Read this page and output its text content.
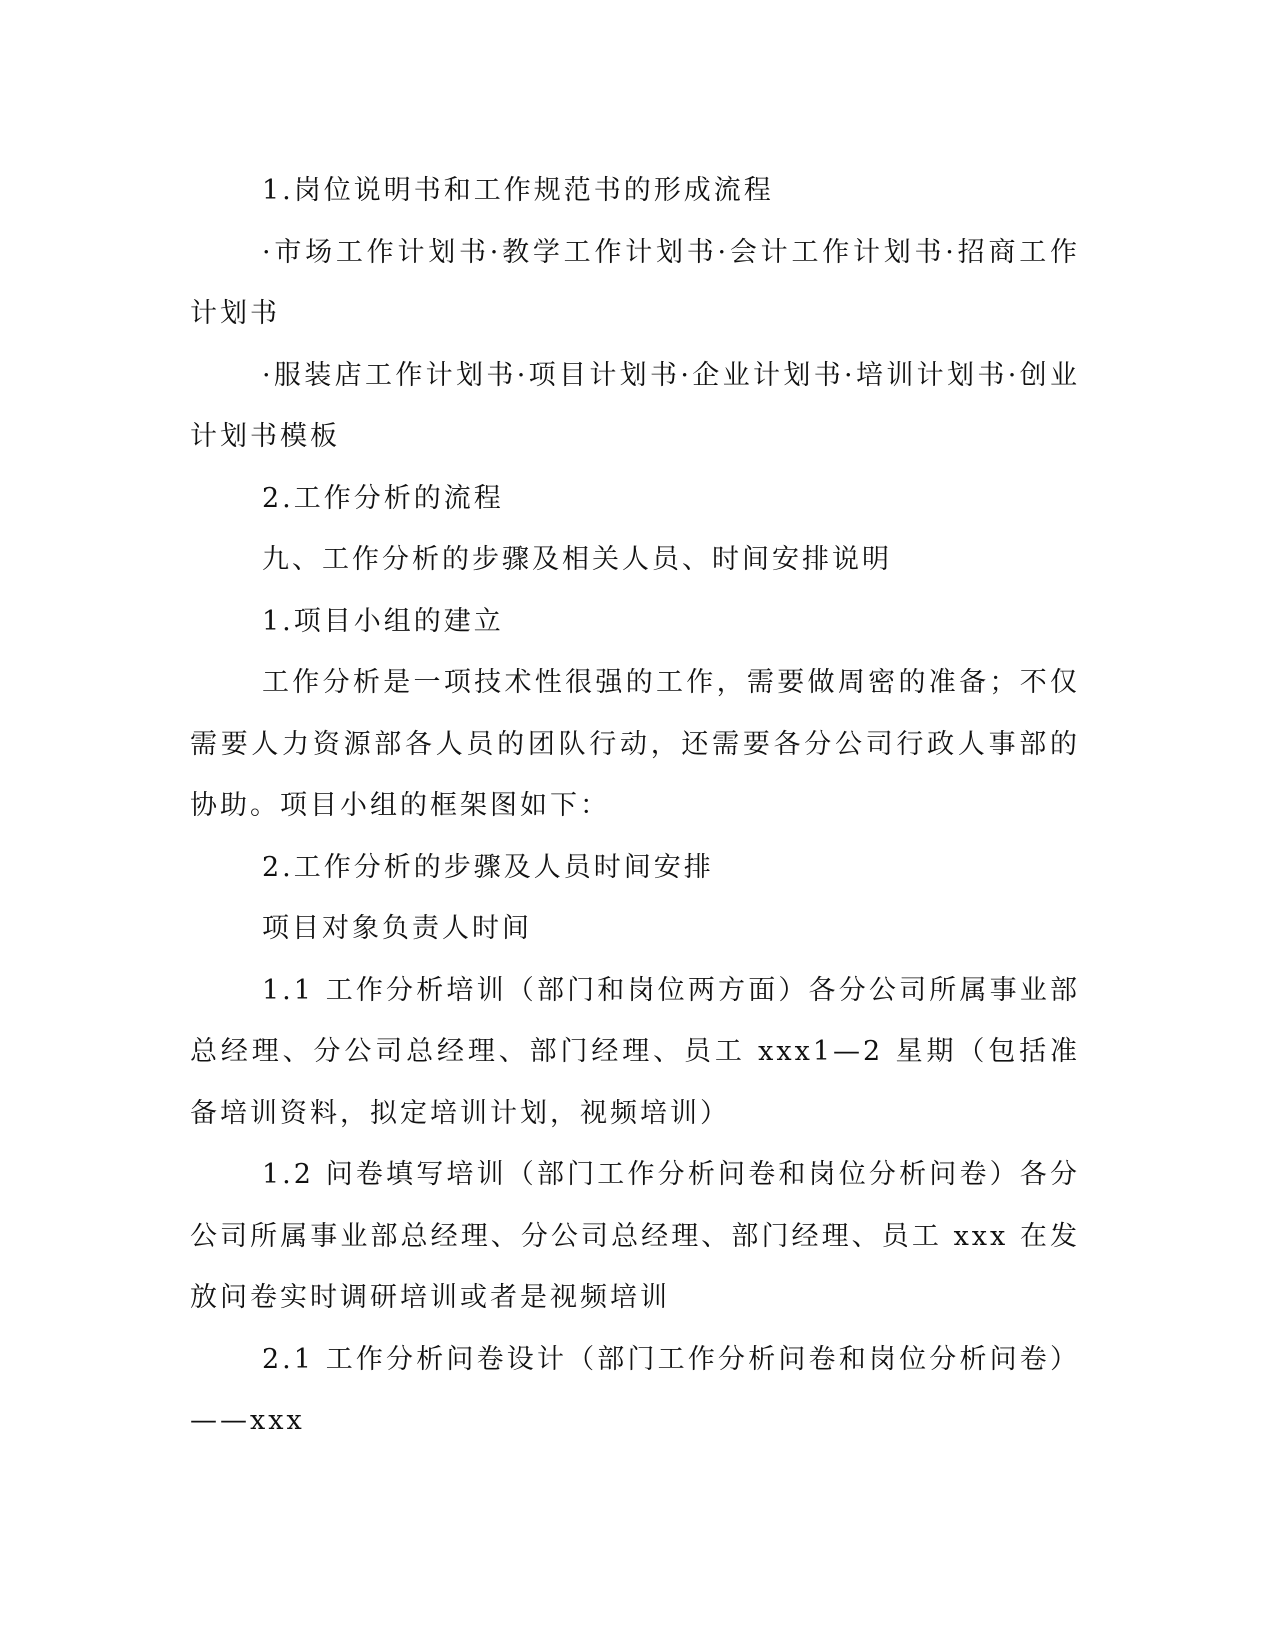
1.岗位说明书和工作规范书的形成流程

·市场工作计划书·教学工作计划书·会计工作计划书·招商工作计划书

·服装店工作计划书·项目计划书·企业计划书·培训计划书·创业计划书模板

2.工作分析的流程

九、工作分析的步骤及相关人员、时间安排说明

1.项目小组的建立

工作分析是一项技术性很强的工作，需要做周密的准备；不仅需要人力资源部各人员的团队行动，还需要各分公司行政人事部的协助。项目小组的框架图如下：

2.工作分析的步骤及人员时间安排

项目对象负责人时间

1.1 工作分析培训（部门和岗位两方面）各分公司所属事业部总经理、分公司总经理、部门经理、员工 xxx1—2 星期（包括准备培训资料，拟定培训计划，视频培训）

1.2 问卷填写培训（部门工作分析问卷和岗位分析问卷）各分公司所属事业部总经理、分公司总经理、部门经理、员工 xxx 在发放问卷实时调研培训或者是视频培训

2.1 工作分析问卷设计（部门工作分析问卷和岗位分析问卷）——xxx
